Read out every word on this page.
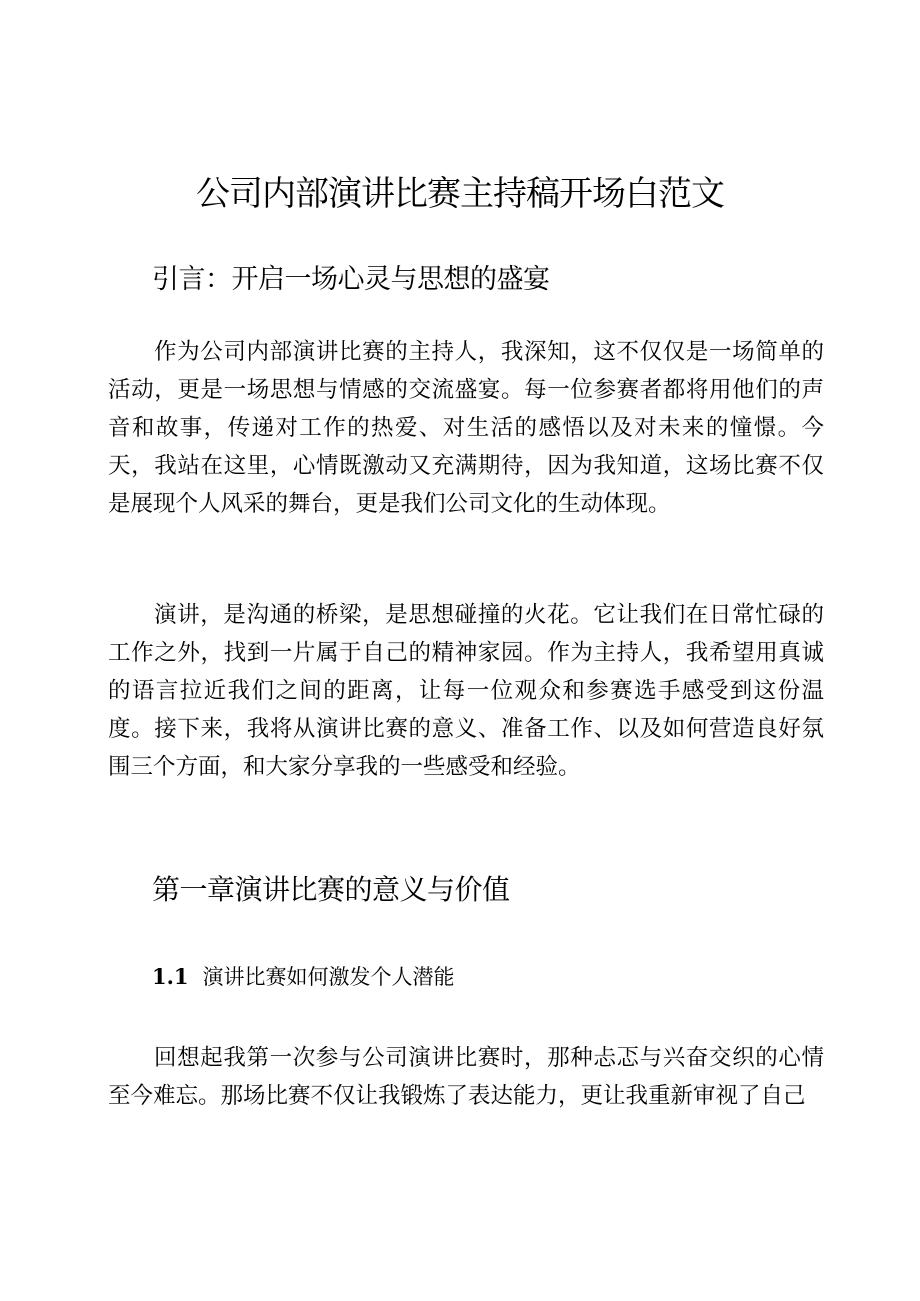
公司内部演讲比赛主持稿开场白范文
引言：开启一场心灵与思想的盛宴

作为公司内部演讲比赛的主持人，我深知，这不仅仅是一场简单的活动，更是一场思想与情感的交流盛宴。每一位参赛者都将用他们的声音和故事，传递对工作的热爱、对生活的感悟以及对未来的憧憬。今天，我站在这里，心情既激动又充满期待，因为我知道，这场比赛不仅是展现个人风采的舞台，更是我们公司文化的生动体现。

演讲，是沟通的桥梁，是思想碰撞的火花。它让我们在日常忙碌的工作之外，找到一片属于自己的精神家园。作为主持人，我希望用真诚的语言拉近我们之间的距离，让每一位观众和参赛选手感受到这份温度。接下来，我将从演讲比赛的意义、准备工作、以及如何营造良好氛围三个方面，和大家分享我的一些感受和经验。

第一章演讲比赛的意义与价值
1.1 演讲比赛如何激发个人潜能

回想起我第一次参与公司演讲比赛时，那种忐忑与兴奋交织的心情至今难忘。那场比赛不仅让我锻炼了表达能力，更让我重新审视了自己
